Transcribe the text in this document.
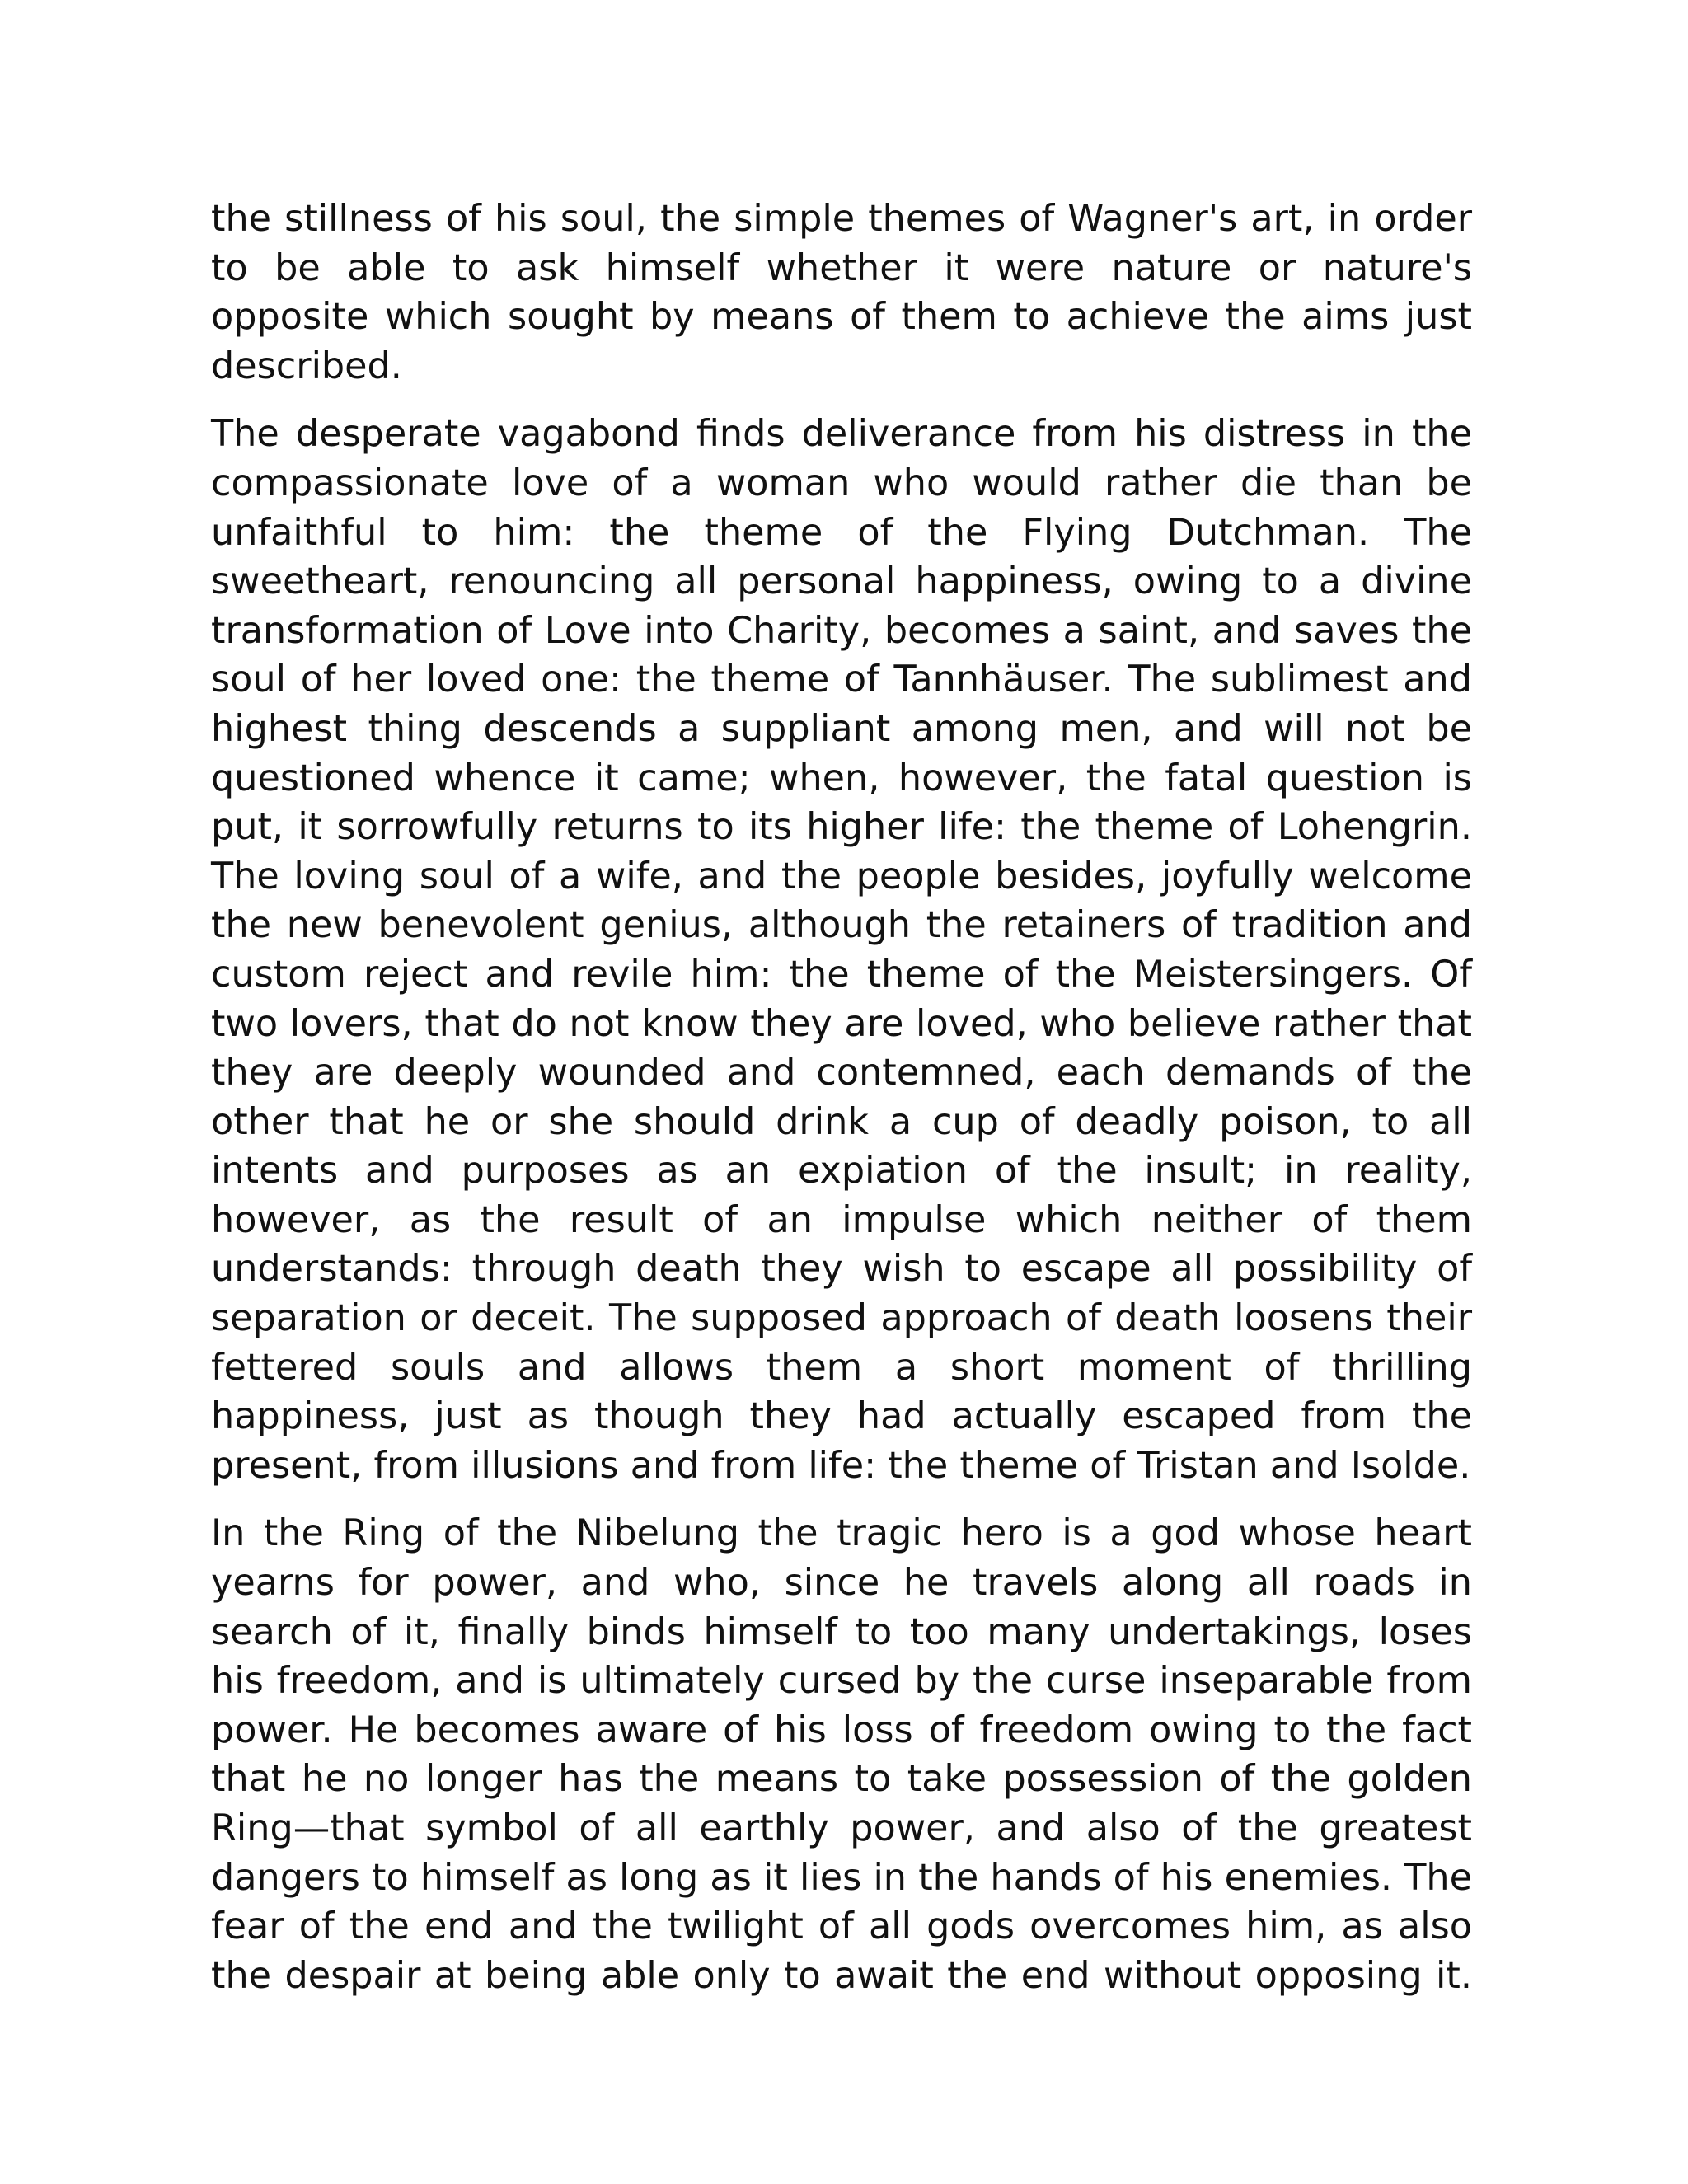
the stillness of his soul, the simple themes of Wagner's art, in order to be able to ask himself whether it were nature or nature's opposite which sought by means of them to achieve the aims just described.

The desperate vagabond finds deliverance from his distress in the compassionate love of a woman who would rather die than be unfaithful to him: the theme of the Flying Dutchman. The sweetheart, renouncing all personal happiness, owing to a divine transformation of Love into Charity, becomes a saint, and saves the soul of her loved one: the theme of Tannhäuser. The sublimest and highest thing descends a suppliant among men, and will not be questioned whence it came; when, however, the fatal question is put, it sorrowfully returns to its higher life: the theme of Lohengrin. The loving soul of a wife, and the people besides, joyfully welcome the new benevolent genius, although the retainers of tradition and custom reject and revile him: the theme of the Meistersingers. Of two lovers, that do not know they are loved, who believe rather that they are deeply wounded and contemned, each demands of the other that he or she should drink a cup of deadly poison, to all intents and purposes as an expiation of the insult; in reality, however, as the result of an impulse which neither of them understands: through death they wish to escape all possibility of separation or deceit. The supposed approach of death loosens their fettered souls and allows them a short moment of thrilling happiness, just as though they had actually escaped from the present, from illusions and from life: the theme of Tristan and Isolde.

In the Ring of the Nibelung the tragic hero is a god whose heart yearns for power, and who, since he travels along all roads in search of it, finally binds himself to too many undertakings, loses his freedom, and is ultimately cursed by the curse inseparable from power. He becomes aware of his loss of freedom owing to the fact that he no longer has the means to take possession of the golden Ring—that symbol of all earthly power, and also of the greatest dangers to himself as long as it lies in the hands of his enemies. The fear of the end and the twilight of all gods overcomes him, as also the despair at being able only to await the end without opposing it.
